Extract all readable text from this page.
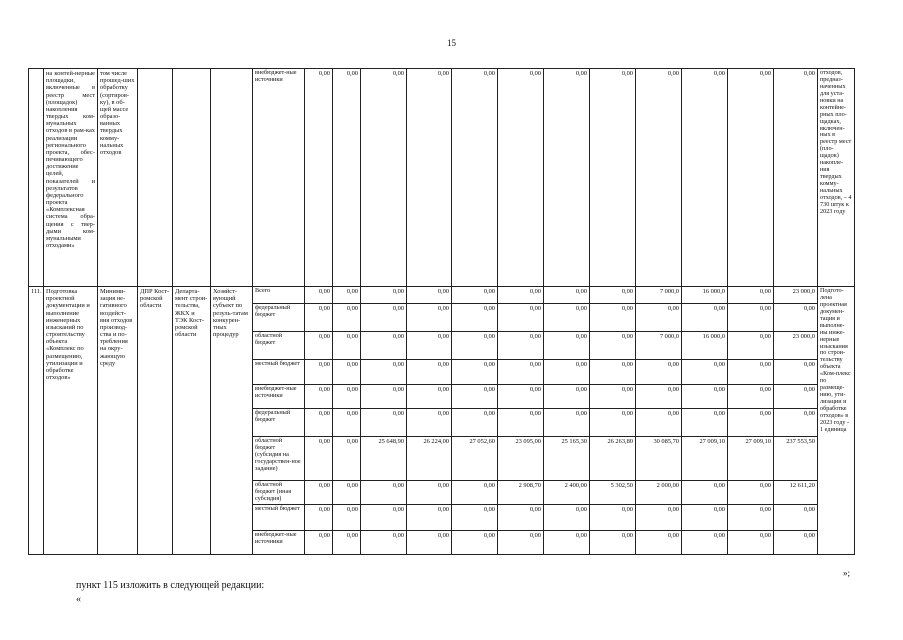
15
	на контей-нерные площадки, включенные в реестр мест (площадок) накопления твердых ком-мунальных отходов в рам-ках реализации регионального проекта, обес-печивающего достижение целей, показателей и результатов федерального проекта «Комплексная система обра-щения с твер-дыми ком-мунальными отходами»	том числе прошед-ших обработку (сортиров-ку), в об-щей массе образо-ванных твердых комму-нальных отходов				внебюджет-ные источники	0,00	0,00	0,00	0,00	0,00	0,00	0,00	0,00	0,00	0,00	0,00	0,00	отходов, предназ-наченных для уста-новки на контейне-рных пло-щадках, включен-ных в реестр мест (пло-щадок) накопле-ния твердых комму-нальных отходов, – 4 730 штук к 2023 году
111.	Подготовка проектной документации и выполнение инженерных изысканий по строительству объекта «Комплекс по размещению, утилизации и обработке отходов»	Миними-зация не-гативного воздейст-вия отходов производ-ства и по-требления на окру-жающую среду	ДПР Кост-ромской области	Департа-мент строи-тельства, ЖКХ и ТЭК Кост-ромской области	Хозяйст-вующий субъект по резуль-татам конкурен-тных процедур	Всего	0,00	0,00	0,00	0,00	0,00	0,00	0,00	0,00	7 000,0	16 000,0	0,00	23 000,0	Подгото-лена проектная докумен-тация и выполне-ны инже-нерные изыскания по строи-тельству объекта «Ком-плекс по размеще-нию, ути-лизации и обработке отходов» в 2023 году - 1 единица
						федеральный бюджет	0,00	0,00	0,00	0,00	0,00	0,00	0,00	0,00	0,00	0,00	0,00	0,00	
						областной бюджет	0,00	0,00	0,00	0,00	0,00	0,00	0,00	0,00	7 000,0	16 000,0	0,00	23 000,0	
						местный бюджет	0,00	0,00	0,00	0,00	0,00	0,00	0,00	0,00	0,00	0,00	0,00	0,00	
						внебюджет-ные источники	0,00	0,00	0,00	0,00	0,00	0,00	0,00	0,00	0,00	0,00	0,00	0,00	
						федеральный бюджет	0,00	0,00	0,00	0,00	0,00	0,00	0,00	0,00	0,00	0,00	0,00	0,00	
						областной бюджет (субсидия на государствен-ное задание)	0,00	0,00	25 648,90	26 224,00	27 052,60	23 095,00	25 165,30	26 263,80	30 085,70	27 009,10	27 009,10	237 553,50	
						областной бюджет (иная субсидия)	0,00	0,00	0,00	0,00	0,00	2 908,70	2 400,00	5 302,50	2 000,00	0,00	0,00	12 611,20	
						местный бюджет	0,00	0,00	0,00	0,00	0,00	0,00	0,00	0,00	0,00	0,00	0,00	0,00	
						внебюджет-ные источники	0,00	0,00	0,00	0,00	0,00	0,00	0,00	0,00	0,00	0,00	0,00	0,00	
»;
пункт 115 изложить в следующей редакции:
«
